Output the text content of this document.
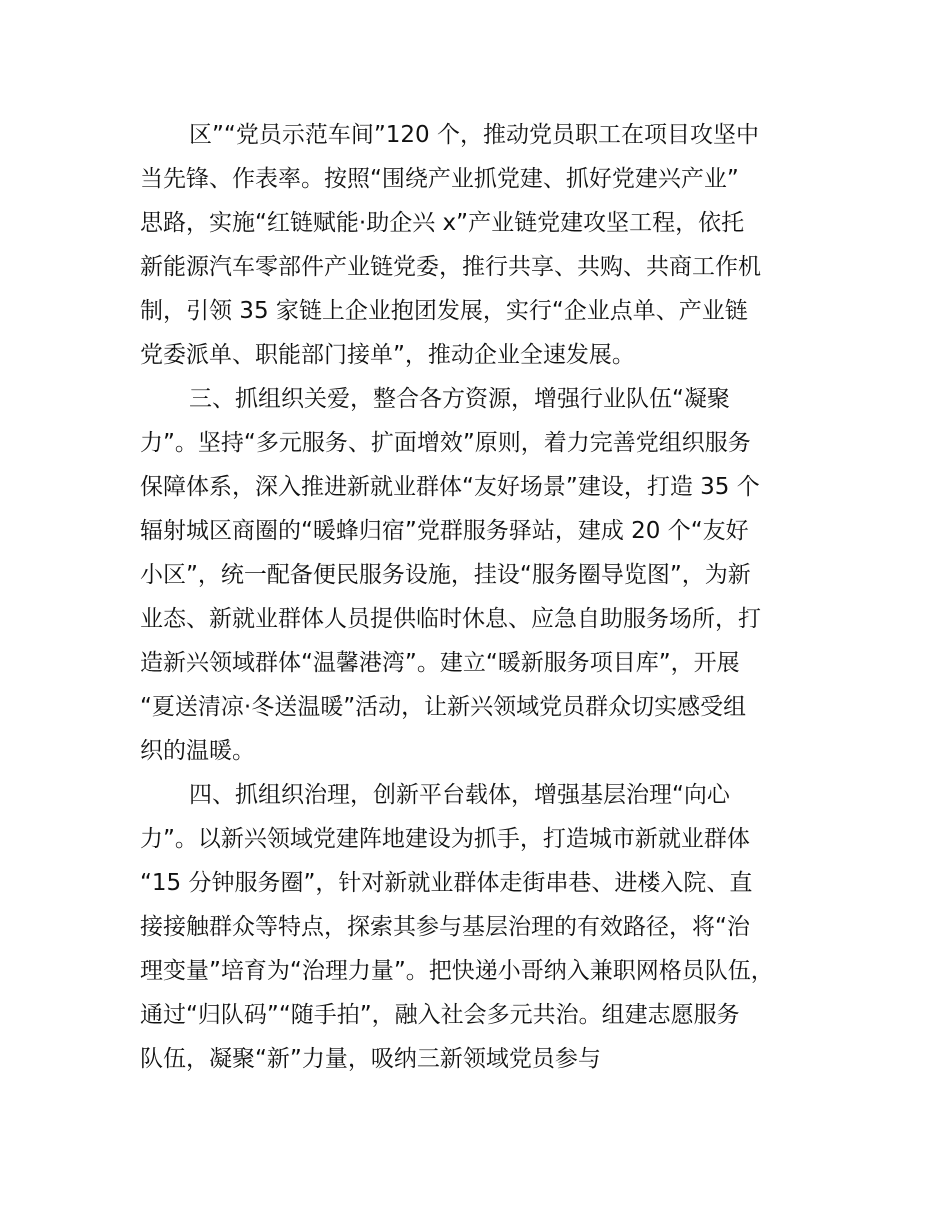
区”“党员示范车间”120 个，推动党员职工在项目攻坚中
当先锋、作表率。按照“围绕产业抓党建、抓好党建兴产业”
思路，实施“红链赋能·助企兴 x”产业链党建攻坚工程，依托
新能源汽车零部件产业链党委，推行共享、共购、共商工作机
制，引领 35 家链上企业抱团发展，实行“企业点单、产业链
党委派单、职能部门接单”，推动企业全速发展。
三、抓组织关爱，整合各方资源，增强行业队伍“凝聚
力”。坚持“多元服务、扩面增效”原则，着力完善党组织服务
保障体系，深入推进新就业群体“友好场景”建设，打造 35 个
辐射城区商圈的“暖蜂归宿”党群服务驿站，建成 20 个“友好
小区”，统一配备便民服务设施，挂设“服务圈导览图”，为新
业态、新就业群体人员提供临时休息、应急自助服务场所，打
造新兴领域群体“温馨港湾”。建立“暖新服务项目库”，开展
“夏送清凉·冬送温暖”活动，让新兴领域党员群众切实感受组
织的温暖。
四、抓组织治理，创新平台载体，增强基层治理“向心
力”。以新兴领域党建阵地建设为抓手，打造城市新就业群体
“15 分钟服务圈”，针对新就业群体走街串巷、进楼入院、直
接接触群众等特点，探索其参与基层治理的有效路径，将“治
理变量”培育为“治理力量”。把快递小哥纳入兼职网格员队伍，
通过“归队码”“随手拍”，融入社会多元共治。组建志愿服务
队伍，凝聚“新”力量，吸纳三新领域党员参与
